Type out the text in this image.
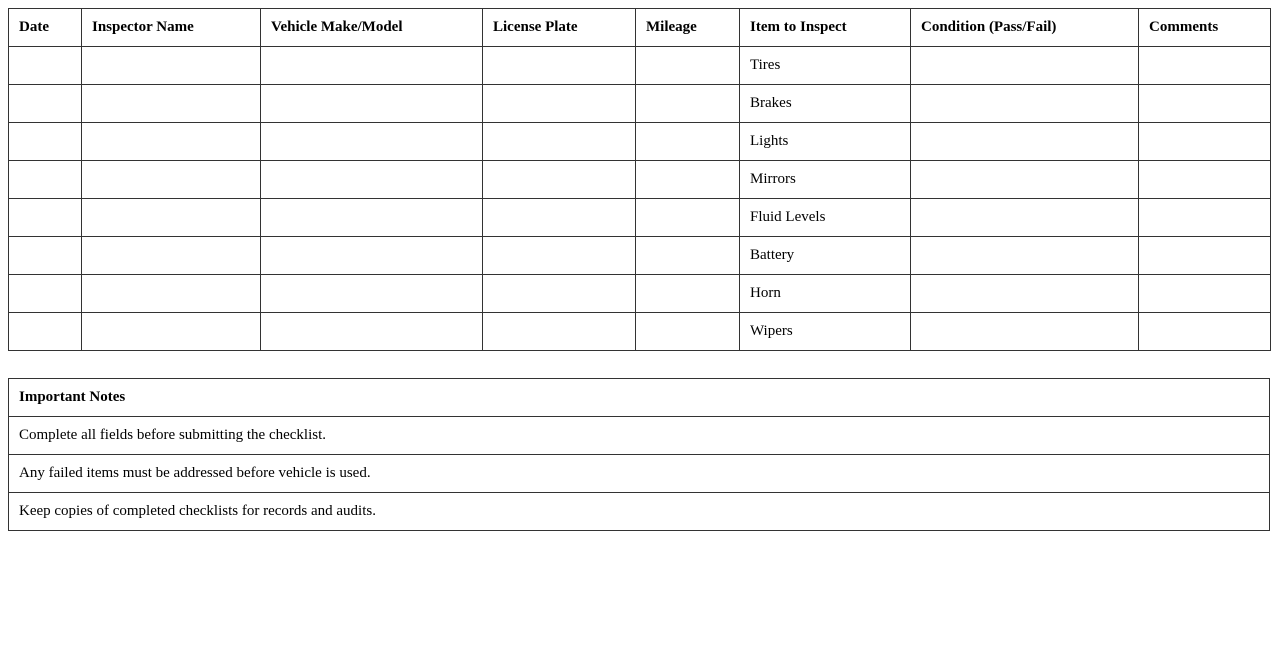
Date	Inspector Name	Vehicle Make/Model	License Plate	Mileage	Item to Inspect	Condition (Pass/Fail)	Comments
					Tires		
					Brakes		
					Lights		
					Mirrors		
					Fluid Levels		
					Battery		
					Horn		
					Wipers		
Important Notes
Complete all fields before submitting the checklist.
Any failed items must be addressed before vehicle is used.
Keep copies of completed checklists for records and audits.
